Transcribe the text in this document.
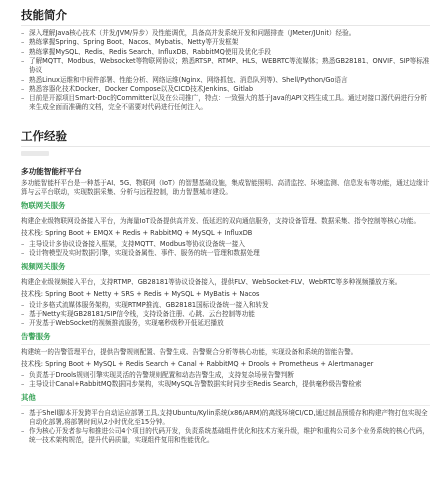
技能简介
– 深入理解Java核心技术（并发/JVM/异步）及性能调优，具备高并发系统开发和问题排查（JMeter/JUnit）经验。
– 熟练掌握Spring、Spring Boot、Nacos、Mybatis、Netty等开发框架
– 熟练掌握MySQL、Redis、Redis Search、InfluxDB、RabbitMQ使用及优化手段
– 了解MQTT、Modbus、Websocket等物联网协议；熟悉RTSP、RTMP、HLS、WEBRTC等流媒体；熟悉GB28181、ONVIF、SIP等标准协议
– 熟悉Linux运维和中间件部署、性能分析、网络运维(Nginx、网络抓包、消息队列等)、Shell/Python/Go语言
– 熟悉容器化技术Docker、Docker Compose以及CICD技术Jenkins、Gitlab
– 目前是开源项目Smart-Doc的Committer以及在公司推广，特点：一致强大的基于Java的API文档生成工具。通过对接口源代码进行分析来生成全面而准确的文档，完全不需要对代码进行任何注入。
工作经验
多功能智能杆平台

多功能智能杆平台是一种基于AI、5G、物联网（IoT）的智慧基础设施，集成智能照明、高清监控、环境监测、信息发布等功能，通过边缘计算与云平台联动，实现数据采集、分析与远程控制，助力智慧城市建设。

物联网关服务

构建企业级物联网设备接入平台，为海量IoT设备提供高并发、低延迟的双向通信服务，支持设备管理、数据采集、指令控制等核心功能。

技术栈: Spring Boot + EMQX + Redis + RabbitMQ + MySQL + InfluxDB

– 主导设计多协议设备接入框架，支持MQTT、Modbus等协议设备统一接入
– 设计物模型及实时数据引擎，实现设备属性、事件、服务的统一管理和数据处理
视频网关服务

构建企业级视频接入平台，支持RTMP、GB28181等协议设备接入，提供FLV、WebSocket-FLV、WebRTC等多种视频播放方案。

技术栈: Spring Boot + Netty + SRS + Redis + MySQL + MyBatis + Nacos

– 设计多格式流媒体服务架构，实现RTMP推流、GB28181国标设备统一接入和转发
– 基于Netty实现GB28181/SIP信令栈，支持设备注册、心跳、云台控制等功能
– 开发基于WebSocket的视频推流服务，实现毫秒级秒开低延迟播放
告警服务

构建统一的告警管理平台，提供告警规则配置、告警生成、告警聚合分析等核心功能，实现设备和系统的智能告警。

技术栈: Spring Boot + MySQL + Redis Search + Canal + RabbitMQ + Drools + Prometheus + Alertmanager

– 负责基于Drools规则引擎实现灵活的告警规则配置和动态告警生成，支持复杂场景告警判断
– 主导设计Canal+RabbitMQ数据同步架构，实现MySQL告警数据实时同步至Redis Search，提供毫秒级告警检索
其他
– 基于Shell脚本开发跨平台自动运应部署工具,支持Ubuntu/Kylin系统(x86/ARM)的离线环境CI/CD,通过制品预缓存和构建产物打包实现全自动化部署,将部署时间从2小时优化至15分钟。
– 作为核心开发者参与和推进公司4个项目的代码开发，负责系统基础组件优化和技术方案升级，维护和重构公司多个业务系统的核心代码，统一技术架构规范，提升代码质量，实现组件复用和性能优化。
